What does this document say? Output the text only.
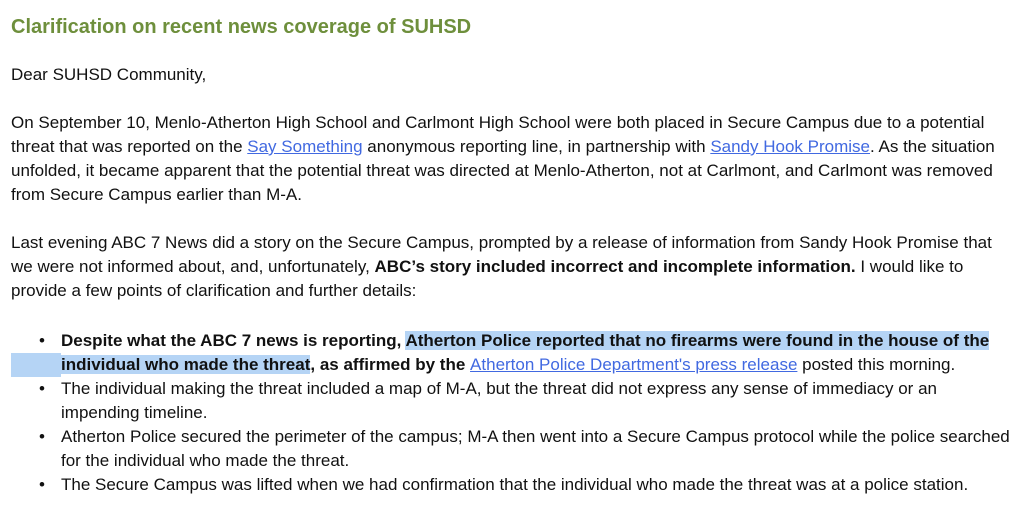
Clarification on recent news coverage of SUHSD

Dear SUHSD Community,

On September 10, Menlo-Atherton High School and Carlmont High School were both placed in Secure Campus due to a potential threat that was reported on the Say Something anonymous reporting line, in partnership with Sandy Hook Promise. As the situation unfolded, it became apparent that the potential threat was directed at Menlo-Atherton, not at Carlmont, and Carlmont was removed from Secure Campus earlier than M-A.

Last evening ABC 7 News did a story on the Secure Campus, prompted by a release of information from Sandy Hook Promise that we were not informed about, and, unfortunately, ABC’s story included incorrect and incomplete information. I would like to provide a few points of clarification and further details:

• Despite what the ABC 7 news is reporting, Atherton Police reported that no firearms were found in the house of the individual who made the threat, as affirmed by the Atherton Police Department's press release posted this morning.
• The individual making the threat included a map of M-A, but the threat did not express any sense of immediacy or an impending timeline.
• Atherton Police secured the perimeter of the campus; M-A then went into a Secure Campus protocol while the police searched for the individual who made the threat.
• The Secure Campus was lifted when we had confirmation that the individual who made the threat was at a police station.
